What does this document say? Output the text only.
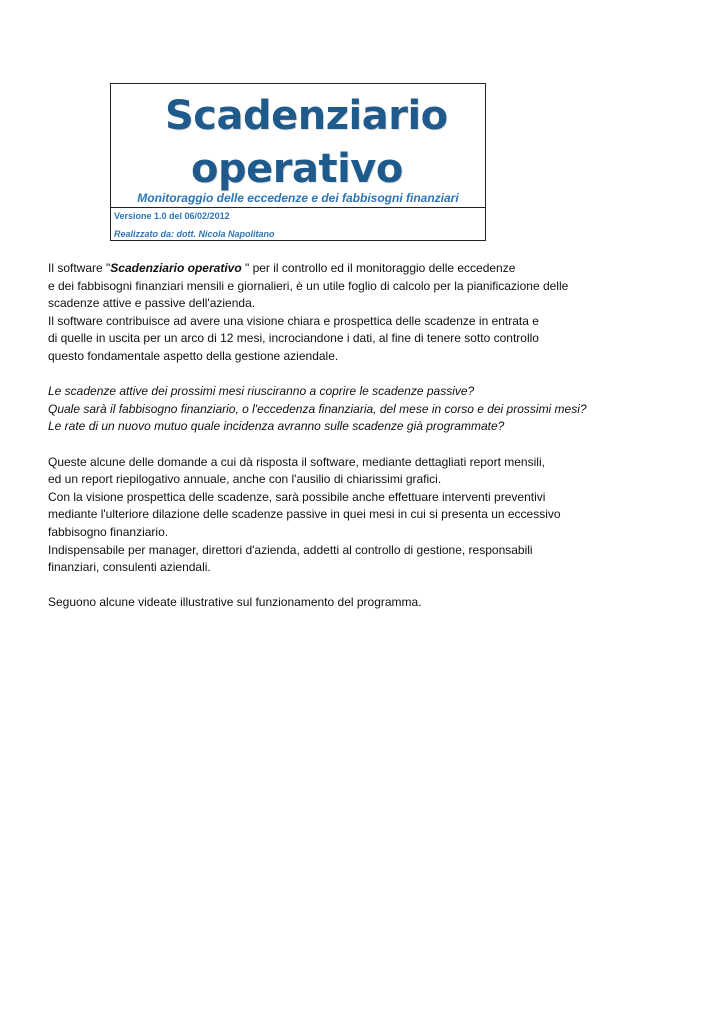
Scadenziario
operativo
Monitoraggio delle eccedenze e dei fabbisogni finanziari
Versione 1.0 del 06/02/2012
Realizzato da: dott. Nicola Napolitano
Il software "Scadenziario operativo " per il controllo ed il monitoraggio delle eccedenze
e dei fabbisogni finanziari mensili e giornalieri, è un utile foglio di calcolo per la pianificazione delle
scadenze attive e passive dell'azienda.
Il software contribuisce ad avere una visione chiara e prospettica delle scadenze in entrata e
di quelle in uscita per un arco di 12 mesi, incrociandone i dati, al fine di tenere sotto controllo
questo fondamentale aspetto della gestione aziendale.
Le scadenze attive dei prossimi mesi riusciranno a coprire le scadenze passive?
Quale sarà il fabbisogno finanziario, o l'eccedenza finanziaria, del mese in corso e dei prossimi mesi?
Le rate di un nuovo mutuo quale incidenza avranno sulle scadenze già programmate?
Queste alcune delle domande a cui dà risposta il software, mediante dettagliati report mensili,
ed un report riepilogativo annuale, anche con l'ausilio di chiarissimi grafici.
Con la visione prospettica delle scadenze, sarà possibile anche effettuare interventi preventivi
mediante l'ulteriore dilazione delle scadenze passive in quei mesi in cui si presenta un eccessivo
fabbisogno finanziario.
Indispensabile per manager, direttori d'azienda, addetti al controllo di gestione, responsabili
finanziari, consulenti aziendali.
Seguono alcune videate illustrative sul funzionamento del programma.
